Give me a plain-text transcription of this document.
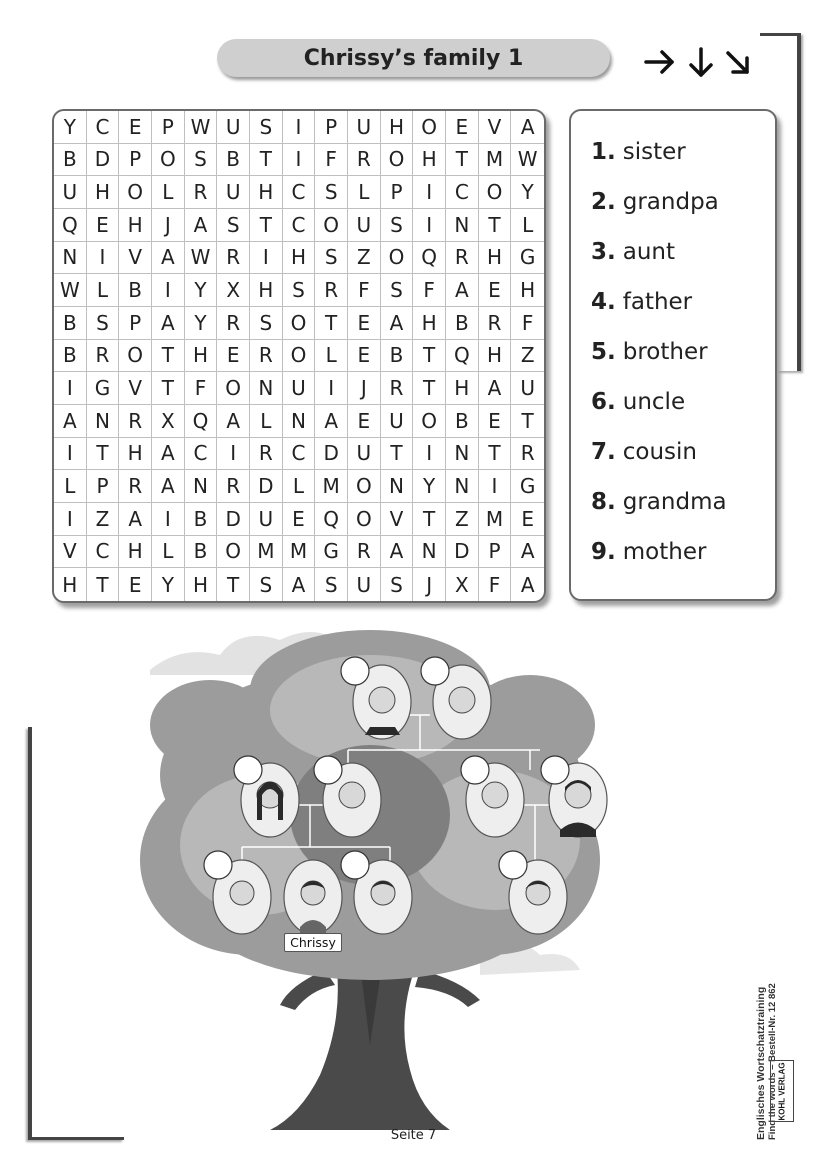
Chrissy’s family 1
Y C E	P W U S	I	P U H O E V A
B D P O S B T	I	F R O H T M W
U H O L	R U H C S	L	P	I	C O Y
Q E H	J	A S	T C O U S	I	N T	L
N	I	V A W R	I	H S Z O Q R H G
W L	B	I	Y X H S R F	S	F	A E H
B S	P A Y R S O T	E A H B R	F
B R O T H E R O L	E B T Q H Z
I	G V T	F O N U	I	J	R T H A U
A N R X Q A	L N A E U O B E	T
I	T H A C	I	R C D U T	I	N T	R
L	P R A N R D L M O N Y N	I	G
I	Z A	I	B D U E Q O V T Z M E
V C H L	B O M M G R A N D P	A
H T	E	Y H T	S A S U S	J	X	F	A
1. sister
2. grandpa
3. aunt
4. father
5. brother
6. uncle
7. cousin
8. grandma
9. mother
Chrissy
Englisches Wortschatztraining Find the words – Bestell-Nr. 12 862 KOHL VERLAG
Seite 7
